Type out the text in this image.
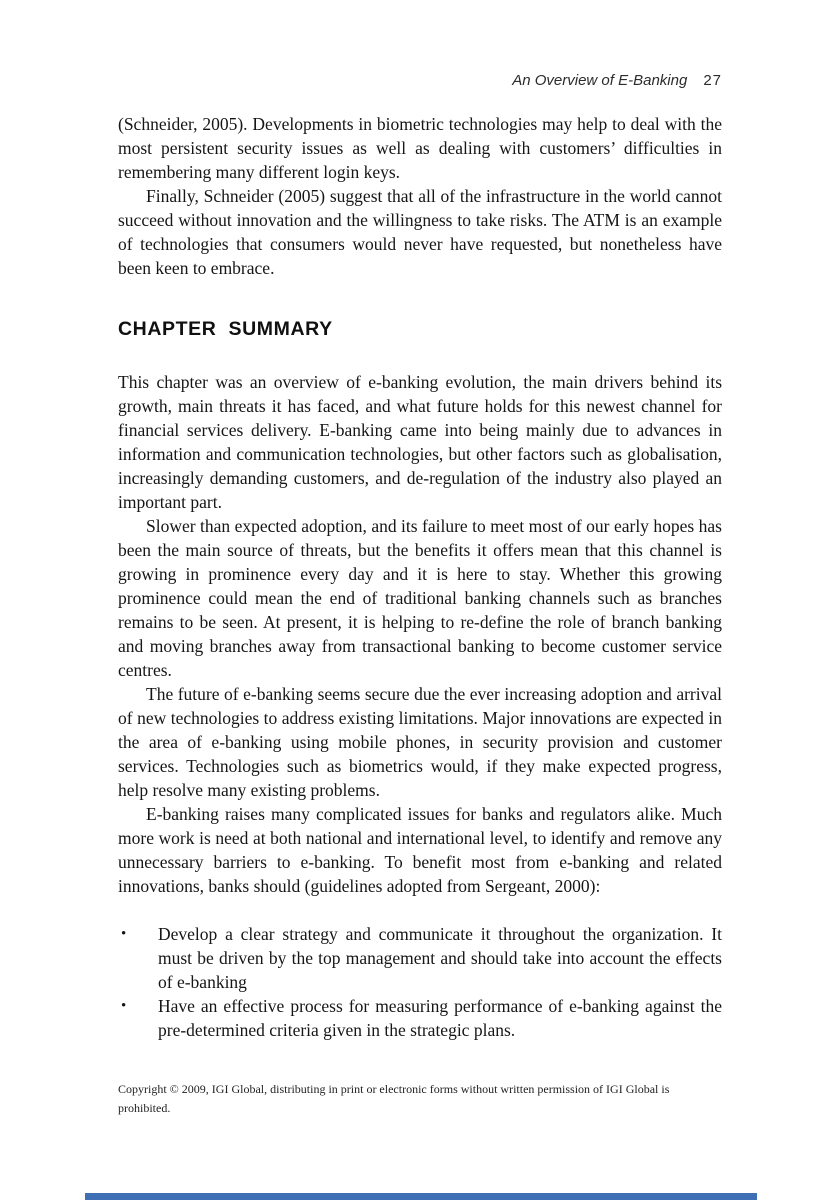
An Overview of E-Banking 27

(Schneider, 2005). Developments in biometric technologies may help to deal with the most persistent security issues as well as dealing with customers’ difficulties in remembering many different login keys.

Finally, Schneider (2005) suggest that all of the infrastructure in the world cannot succeed without innovation and the willingness to take risks. The ATM is an example of technologies that consumers would never have requested, but nonetheless have been keen to embrace.

CHAPTER SUMMARY

This chapter was an overview of e-banking evolution, the main drivers behind its growth, main threats it has faced, and what future holds for this newest channel for financial services delivery. E-banking came into being mainly due to advances in information and communication technologies, but other factors such as globalisation, increasingly demanding customers, and de-regulation of the industry also played an important part.

Slower than expected adoption, and its failure to meet most of our early hopes has been the main source of threats, but the benefits it offers mean that this channel is growing in prominence every day and it is here to stay. Whether this growing prominence could mean the end of traditional banking channels such as branches remains to be seen. At present, it is helping to re-define the role of branch banking and moving branches away from transactional banking to become customer service centres.

The future of e-banking seems secure due the ever increasing adoption and arrival of new technologies to address existing limitations. Major innovations are expected in the area of e-banking using mobile phones, in security provision and customer services. Technologies such as biometrics would, if they make expected progress, help resolve many existing problems.

E-banking raises many complicated issues for banks and regulators alike. Much more work is need at both national and international level, to identify and remove any unnecessary barriers to e-banking. To benefit most from e-banking and related innovations, banks should (guidelines adopted from Sergeant, 2000):

• Develop a clear strategy and communicate it throughout the organization. It must be driven by the top management and should take into account the effects of e-banking
• Have an effective process for measuring performance of e-banking against the pre-determined criteria given in the strategic plans.
Copyright © 2009, IGI Global, distributing in print or electronic forms without written permission of IGI Global is prohibited.
